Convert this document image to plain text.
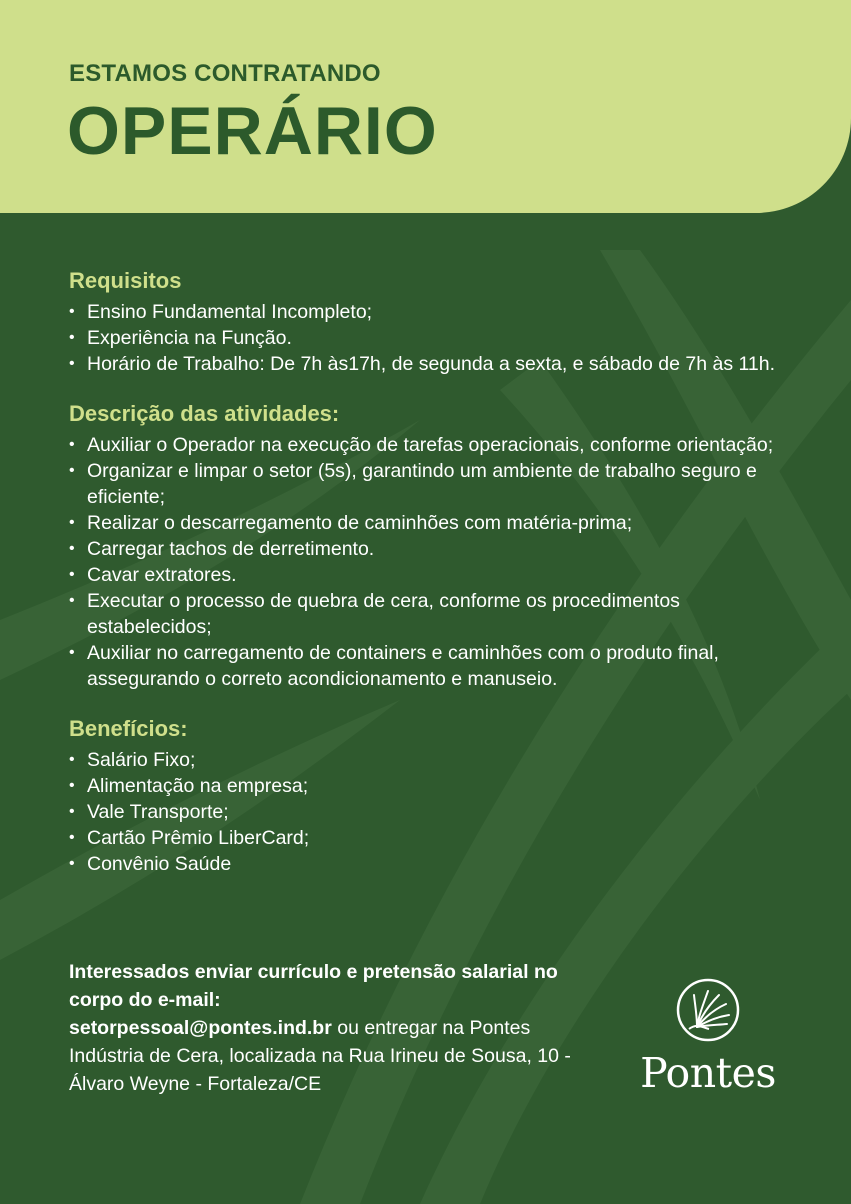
ESTAMOS CONTRATANDO
OPERÁRIO
Requisitos
• Ensino Fundamental Incompleto;
• Experiência na Função.
• Horário de Trabalho: De 7h às17h, de segunda a sexta, e sábado de 7h às 11h.
Descrição das atividades:
• Auxiliar o Operador na execução de tarefas operacionais, conforme orientação;
• Organizar e limpar o setor (5s), garantindo um ambiente de trabalho seguro e eficiente;
• Realizar o descarregamento de caminhões com matéria-prima;
• Carregar tachos de derretimento.
• Cavar extratores.
• Executar o processo de quebra de cera, conforme os procedimentos estabelecidos;
• Auxiliar no carregamento de containers e caminhões com o produto final, assegurando o correto acondicionamento e manuseio.
Benefícios:
• Salário Fixo;
• Alimentação na empresa;
• Vale Transporte;
• Cartão Prêmio LiberCard;
• Convênio Saúde
Interessados enviar currículo e pretensão salarial no corpo do e-mail:
setorpessoal@pontes.ind.br ou entregar na Pontes Indústria de Cera, localizada na Rua Irineu de Sousa, 10 - Álvaro Weyne - Fortaleza/CE	Pontes
